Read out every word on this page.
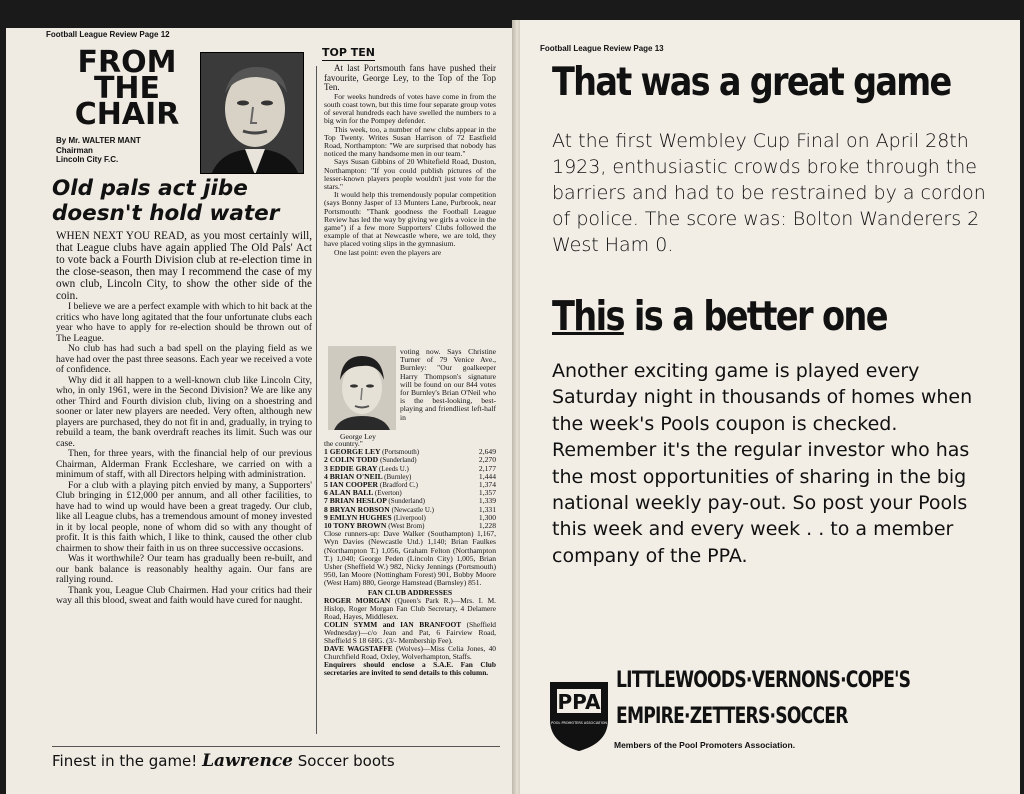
Football League Review Page 12
FROM
THE
CHAIR
By Mr. WALTER MANT
Chairman
Lincoln City F.C.
Old pals act jibe
doesn't hold water

WHEN NEXT YOU READ, as you most certainly will, that League clubs have again applied The Old Pals' Act to vote back a Fourth Division club at re-election time in the close-season, then may I recommend the case of my own club, Lincoln City, to show the other side of the coin.

I believe we are a perfect example with which to hit back at the critics who have long agitated that the four unfortunate clubs each year who have to apply for re-election should be thrown out of The League.

No club has had such a bad spell on the playing field as we have had over the past three seasons. Each year we received a vote of confidence.

Why did it all happen to a well-known club like Lincoln City, who, in only 1961, were in the Second Division? We are like any other Third and Fourth division club, living on a shoestring and sooner or later new players are needed. Very often, although new players are purchased, they do not fit in and, gradually, in trying to rebuild a team, the bank overdraft reaches its limit. Such was our case.

Then, for three years, with the financial help of our previous Chairman, Alderman Frank Eccleshare, we carried on with a minimum of staff, with all Directors helping with administration.

For a club with a playing pitch envied by many, a Supporters' Club bringing in £12,000 per annum, and all other facilities, to have had to wind up would have been a great tragedy. Our club, like all League clubs, has a tremendous amount of money invested in it by local people, none of whom did so with any thought of profit. It is this faith which, I like to think, caused the other club chairmen to show their faith in us on three successive occasions.

Was it worthwhile? Our team has gradually been re-built, and our bank balance is reasonably healthy again. Our fans are rallying round.

Thank you, League Club Chairmen. Had your critics had their way all this blood, sweat and faith would have cured for naught.

TOP TEN

At last Portsmouth fans have pushed their favourite, George Ley, to the Top of the Top Ten.

For weeks hundreds of votes have come in from the south coast town, but this time four separate group votes of several hundreds each have swelled the numbers to a big win for the Pompey defender.

This week, too, a number of new clubs appear in the Top Twenty. Writes Susan Harrison of 72 Eastfield Road, Northampton: "We are surprised that nobody has noticed the many handsome men in our team."

Says Susan Gibbins of 20 Whitefield Road, Duston, Northampton: "If you could publish pictures of the lesser-known players people wouldn't just vote for the stars."

It would help this tremendously popular competition (says Bonny Jasper of 13 Munters Lane, Purbrook, near Portsmouth: "Thank goodness the Football League Review has led the way by giving we girls a voice in the game") if a few more Supporters' Clubs followed the example of that at Newcastle where, we are told, they have placed voting slips in the gymnasium.

One last point: even the players are

voting now. Says Christine Turner of 79 Venice Ave., Burnley: "Our goalkeeper Harry Thompson's signature will be found on our 844 votes for Burnley's Brian O'Neil who is the best-looking, best-playing and friendliest left-half in
George Ley
the country."
1 GEORGE LEY (Portsmouth)	2,649
2 COLIN TODD (Sunderland)	2,270
3 EDDIE GRAY (Leeds U.)	2,177
4 BRIAN O'NEIL (Burnley)	1,444
5 IAN COOPER (Bradford C.)	1,374
6 ALAN BALL (Everton)	1,357
7 BRIAN HESLOP (Sunderland)	1,339
8 BRYAN ROBSON (Newcastle U.)	1,331
9 EMLYN HUGHES (Liverpool)	1,300
10 TONY BROWN (West Brom)	1,228
Close runners-up: Dave Walker (Southampton) 1,167, Wyn Davies (Newcastle Utd.) 1,140; Brian Faulkes (Northampton T.) 1,056, Graham Felton (Northampton T.) 1,040; George Peden (Lincoln City) 1,005, Brian Usher (Sheffield W.) 982, Nicky Jennings (Portsmouth) 950, Ian Moore (Nottingham Forest) 901, Bobby Moore (West Ham) 880, George Hamstead (Barnsley) 851.
FAN CLUB ADDRESSES
ROGER MORGAN (Queen's Park R.)—Mrs. I. M. Hislop, Roger Morgan Fan Club Secretary, 4 Delamere Road, Hayes, Middlesex.
COLIN SYMM and IAN BRANFOOT (Sheffield Wednesday)—c/o Jean and Pat, 6 Fairview Road, Sheffield S 18 6HG. (3/- Membership Fee).
DAVE WAGSTAFFE (Wolves)—Miss Celia Jones, 40 Churchfield Road, Oxley, Wolverhampton, Staffs.
Enquirers should enclose a S.A.E. Fan Club secretaries are invited to send details to this column.
Finest in the game! Lawrence Soccer boots
Football League Review Page 13
That was a great game
At the first Wembley Cup Final on April 28th 1923, enthusiastic crowds broke through the barriers and had to be restrained by a cordon of police. The score was: Bolton Wanderers 2 West Ham 0.
This is a better one
Another exciting game is played every Saturday night in thousands of homes when the week's Pools coupon is checked. Remember it's the regular investor who has the most opportunities of sharing in the big national weekly pay-out. So post your Pools this week and every week . . to a member company of the PPA.
PPA
POOL PROMOTERS ASSOCIATION
LITTLEWOODS·VERNONS·COPE'S
EMPIRE·ZETTERS·SOCCER
Members of the Pool Promoters Association.
